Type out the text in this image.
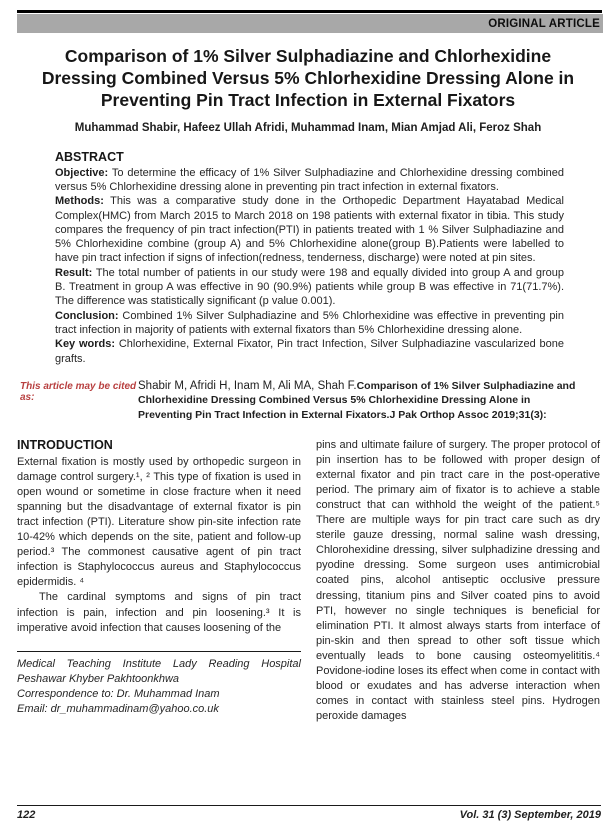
ORIGINAL ARTICLE
Comparison of 1% Silver Sulphadiazine and Chlorhexidine Dressing Combined Versus 5% Chlorhexidine Dressing Alone in Preventing Pin Tract Infection in External Fixators
Muhammad Shabir, Hafeez Ullah Afridi, Muhammad Inam, Mian Amjad Ali, Feroz Shah
ABSTRACT

Objective: To determine the efficacy of 1% Silver Sulphadiazine and Chlorhexidine dressing combined versus 5% Chlorhexidine dressing alone in preventing pin tract infection in external fixators.

Methods: This was a comparative study done in the Orthopedic Department Hayatabad Medical Complex(HMC) from March 2015 to March 2018 on 198 patients with external fixator in tibia. This study compares the frequency of pin tract infection(PTI) in patients treated with 1 % Silver Sulphadiazine and 5% Chlorhexidine combine (group A) and 5% Chlorhexidine alone(group B).Patients were labelled to have pin tract infection if signs of infection(redness, tenderness, discharge) were noted at pin sites.

Result: The total number of patients in our study were 198 and equally divided into group A and group B. Treatment in group A was effective in 90 (90.9%) patients while group B was effective in 71(71.7%). The difference was statistically significant (p value 0.001).

Conclusion: Combined 1% Silver Sulphadiazine and 5% Chlorhexidine was effective in preventing pin tract infection in majority of patients with external fixators than 5% Chlorhexidine dressing alone.

Key words: Chlorhexidine, External Fixator, Pin tract Infection, Silver Sulphadiazine vascularized bone grafts.

This article may be cited as:

Shabir M, Afridi H, Inam M, Ali MA, Shah F.Comparison of 1% Silver Sulphadiazine and Chlorhexidine Dressing Combined Versus 5% Chlorhexidine Dressing Alone in Preventing Pin Tract Infection in External Fixators.J Pak Orthop Assoc 2019;31(3):

INTRODUCTION

External fixation is mostly used by orthopedic surgeon in damage control surgery.¹, ² This type of fixation is used in open wound or sometime in close fracture when it need spanning but the disadvantage of external fixator is pin tract infection (PTI). Literature show pin-site infection rate 10-42% which depends on the site, patient and follow-up period.³ The commonest causative agent of pin tract infection is Staphylococcus aureus and Staphylococcus epidermidis. ⁴

The cardinal symptoms and signs of pin tract infection is pain, infection and pin loosening.³ It is imperative avoid infection that causes loosening of the

Medical Teaching Institute Lady Reading Hospital Peshawar Khyber Pakhtoonkhwa

Correspondence to: Dr. Muhammad Inam

Email: dr_muhammadinam@yahoo.co.uk

pins and ultimate failure of surgery. The proper protocol of pin insertion has to be followed with proper design of external fixator and pin tract care in the post-operative period. The primary aim of fixator is to achieve a stable construct that can withhold the weight of the patient.⁵ There are multiple ways for pin tract care such as dry sterile gauze dressing, normal saline wash dressing, Chlorohexidine dressing, silver sulphadizine dressing and pyodine dressing. Some surgeon uses antimicrobial coated pins, alcohol antiseptic occlusive pressure dressing, titanium pins and Silver coated pins to avoid PTI, however no single techniques is beneficial for elimination PTI. It almost always starts from interface of pin-skin and then spread to other soft tissue which eventually leads to bone causing osteomyelititis.⁴ Povidone-iodine loses its effect when come in contact with blood or exudates and has adverse interaction when comes in contact with stainless steel pins. Hydrogen peroxide damages

122	Vol. 31 (3) September, 2019
